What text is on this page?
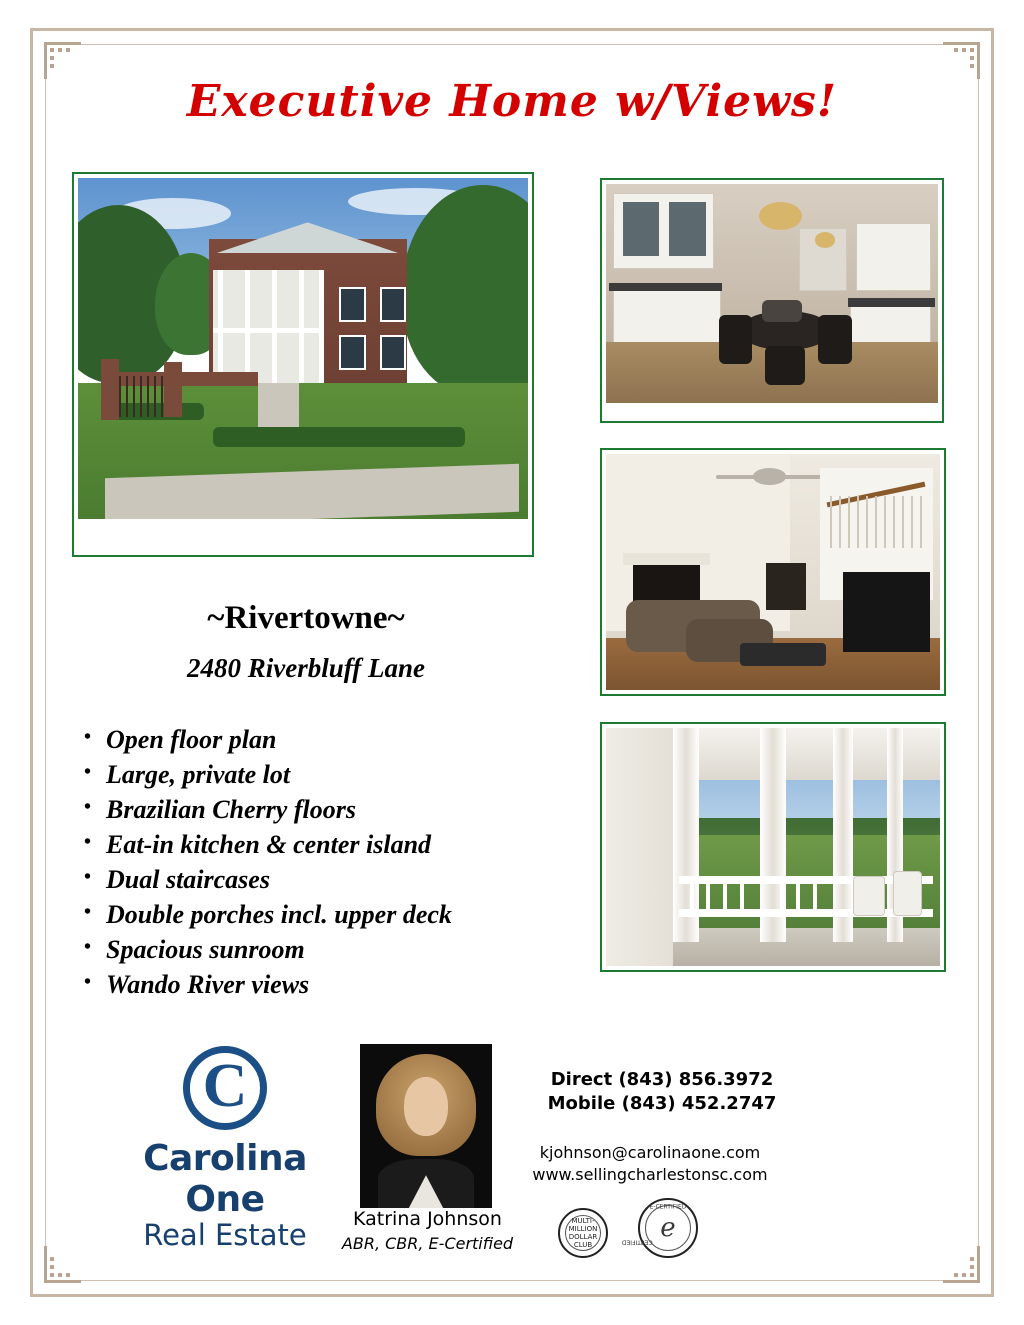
Executive Home w/Views!
~Rivertowne~
2480 Riverbluff Lane
• Open floor plan
• Large, private lot
• Brazilian Cherry floors
• Eat-in kitchen & center island
• Dual staircases
• Double porches incl. upper deck
• Spacious sunroom
• Wando River views
C
Carolina One
Real Estate	Katrina Johnson
ABR, CBR, E-Certified
Direct (843) 856.3972
Mobile (843) 452.2747
kjohnson@carolinaone.com
www.sellingcharlestonsc.com
MULTI-MILLION
DOLLAR CLUB
e
E-CERTIFIED
CERTIFIED
